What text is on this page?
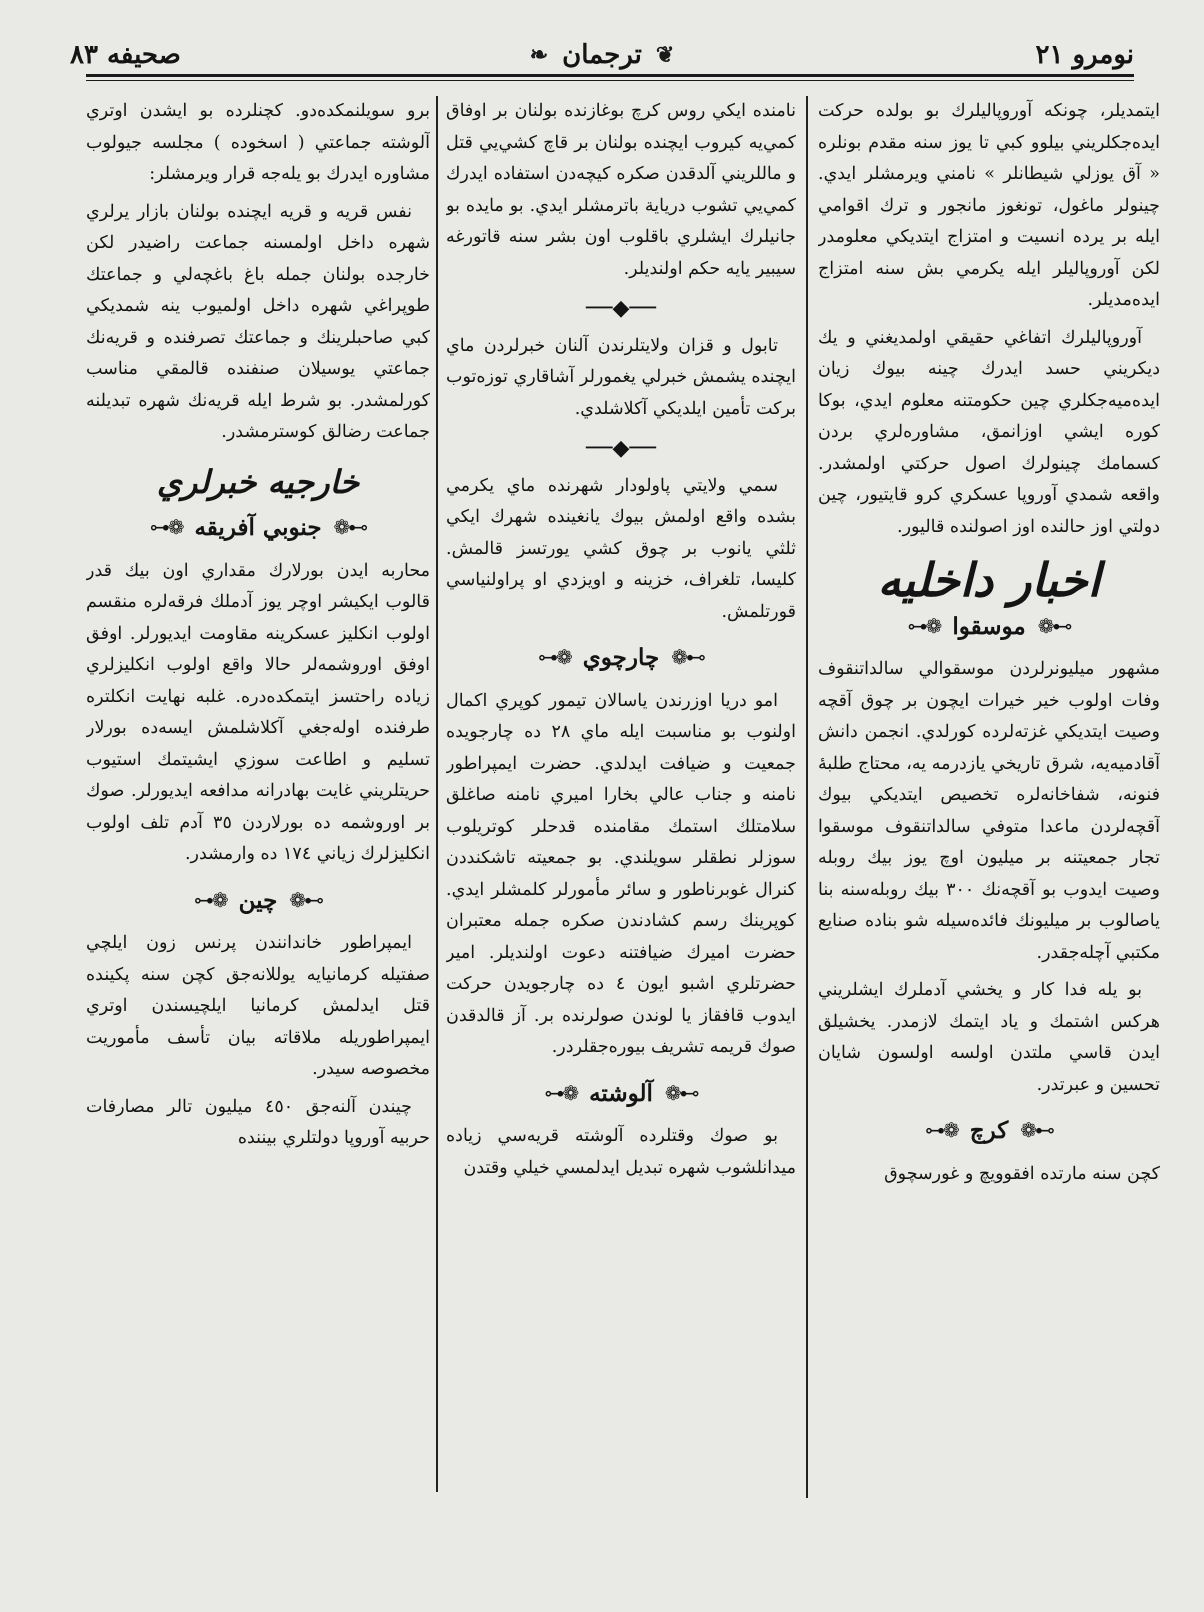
نومرو ٢١
❦
ترجمان
❧
صحيفه ٨٣

ايتمديلر، چونكه آوروپاليلرك بو بولده حركت ايده‌جكلريني بيلوو كبي تا يوز سنه مقدم بونلره « آق يوزلي شيطانلر » نامني ويرمشلر ايدي. چينولر ماغول، تونغوز مانجور و ترك اقوامي ايله بر يرده انسيت و امتزاج ايتديكي معلومدر لكن آوروپاليلر ايله يكرمي بش سنه امتزاج ايده‌مديلر.

آوروپاليلرك اتفاغي حقيقي اولمديغني و يك ديكريني حسد ايدرك چينه بيوك زيان ايده‌ميه‌جكلري چين حكومتنه معلوم ايدي، بوكا كوره ايشي اوزانمق، مشاوره‌لري بردن كسمامك چينولرك اصول حركتي اولمشدر. واقعه شمدي آوروپا عسكري كرو قايتيور، چين دولتي اوز حالنده اوز اصولنده قاليور.

اخبار داخليه
⊶❁
موسقوا
❁⊷

مشهور ميليونرلردن موسقوالي سالداتنقوف وفات اولوب خير خيرات ايچون بر چوق آقچه وصيت ايتديكي غزته‌لرده كورلدي. انجمن دانش آقادميه‌يه، شرق تاريخي يازدرمه يه، محتاج طلبهٔ فنونه، شفاخانه‌لره تخصيص ايتديكي بيوك آقچه‌لردن ماعدا متوفي سالداتنقوف موسقوا تجار جمعيتنه بر ميليون اوچ يوز بيك روبله وصيت ايدوب بو آقچه‌نك ٣٠٠ بيك روبله‌سنه بنا ياصالوب بر ميليونك فائده‌سيله شو بناده صنايع مكتبي آچله‌جقدر.

بو يله فدا كار و يخشي آدملرك ايشلريني هركس اشتمك و ياد ايتمك لازمدر. يخشيلق ايدن قاسي ملتدن اولسه اولسون شايان تحسين و عبرتدر.

⊶❁
كرچ
❁⊷

كچن سنه مارتده افقوويچ و غورسچوق

نامنده ايكي روس كرچ بوغازنده بولنان بر اوفاق كمي‌يه كيروب ايچنده بولنان بر قاچ كشي‌يي قتل و ماللريني آلدقدن صكره كيچه‌دن استفاده ايدرك كمي‌يي تشوب درياية باترمشلر ايدي. بو مايده بو جانيلرك ايشلري باقلوب اون بشر سنه قاتورغه سيبير يايه حكم اولنديلر.

──◆──

تابول و قزان ولايتلرندن آلنان خبرلردن ماي ايچنده يشمش خبرلي يغمورلر آشاقاري توزه‌توب بركت تأمين ايلديكي آكلاشلدي.

──◆──

سمي ولايتي پاولودار شهرنده ماي يكرمي بشده واقع اولمش بيوك يانغينده شهرك ايكي ثلثي يانوب بر چوق كشي يورتسز قالمش. كليسا، تلغراف، خزينه و اويزدي او پراولنياسي قورتلمش.

⊶❁
چارچوي
❁⊷

امو دريا اوزرندن ياسالان تيمور كوپري اكمال اولنوب بو مناسبت ايله ماي ٢٨ ده چارجويده جمعيت و ضيافت ايدلدي. حضرت ايمپراطور نامنه و جناب عالي بخارا اميري نامنه صاغلق سلامتلك استمك مقامنده قدحلر كوتريلوب سوزلر نطقلر سويلندي. بو جمعيته تاشكنددن كنرال غوبرناطور و سائر مأمورلر كلمشلر ايدي. كوپرينك رسم كشادندن صكره جمله معتبران حضرت اميرك ضيافتنه دعوت اولنديلر. امير حضرتلري اشبو ايون ٤ ده چارجويدن حركت ايدوب قافقاز يا لوندن صولرنده بر. آز قالدقدن صوك قريمه تشريف بيوره‌جقلردر.

⊶❁
آلوشته
❁⊷

بو صوك وقتلرده آلوشته قريه‌سي زياده ميدانلشوب شهره تبديل ايدلمسي خيلي وقتدن

برو سويلنمكده‌دو. كچنلرده بو ايشدن اوتري آلوشته جماعتي ( اسخوده ) مجلسه جيولوب مشاوره ايدرك بو يله‌جه قرار ويرمشلر:

نفس قريه و قريه ايچنده بولنان بازار يرلري شهره داخل اولمسنه جماعت راضيدر لكن خارجده بولنان جمله باغ باغچه‌لي و جماعتك طوپراغي شهره داخل اولميوب ينه شمديكي كبي صاحبلرينك و جماعتك تصرفنده و قريه‌نك جماعتي يوسيلان صنفنده قالمقي مناسب كورلمشدر. بو شرط ايله قريه‌نك شهره تبديلنه جماعت رضالق كوسترمشدر.

خارجيه خبرلري
⊶❁
جنوبي آفريقه
❁⊷

محاربه ايدن بورلارك مقداري اون بيك قدر قالوب ايكيشر اوچر يوز آدملك فرقه‌لره منقسم اولوب انكليز عسكرينه مقاومت ايديورلر. اوفق اوفق اوروشمه‌لر حالا واقع اولوب انكليزلري زياده راحتسز ايتمكده‌دره. غلبه نهايت انكلتره طرفنده اوله‌جغي آكلاشلمش ايسه‌ده بورلار تسليم و اطاعت سوزي ايشيتمك استيوب حريتلريني غايت بهادرانه مدافعه ايديورلر. صوك بر اوروشمه ده بورلاردن ٣٥ آدم تلف اولوب انكليزلرك زياني ١٧٤ ده وارمشدر.

⊶❁
چين
❁⊷

ايمپراطور خاندانندن پرنس زون ايلچي صفتيله كرمانيايه يوللانه‌جق كچن سنه پكينده قتل ايدلمش كرمانيا ايلچيسندن اوتري ايمپراطوريله‌ ملاقاته بيان تأسف مأموريت مخصوصه سيدر.

چيندن آلنه‌جق ٤٥٠ ميليون تالر مصارفات حربيه آوروپا دولتلري بيننده
